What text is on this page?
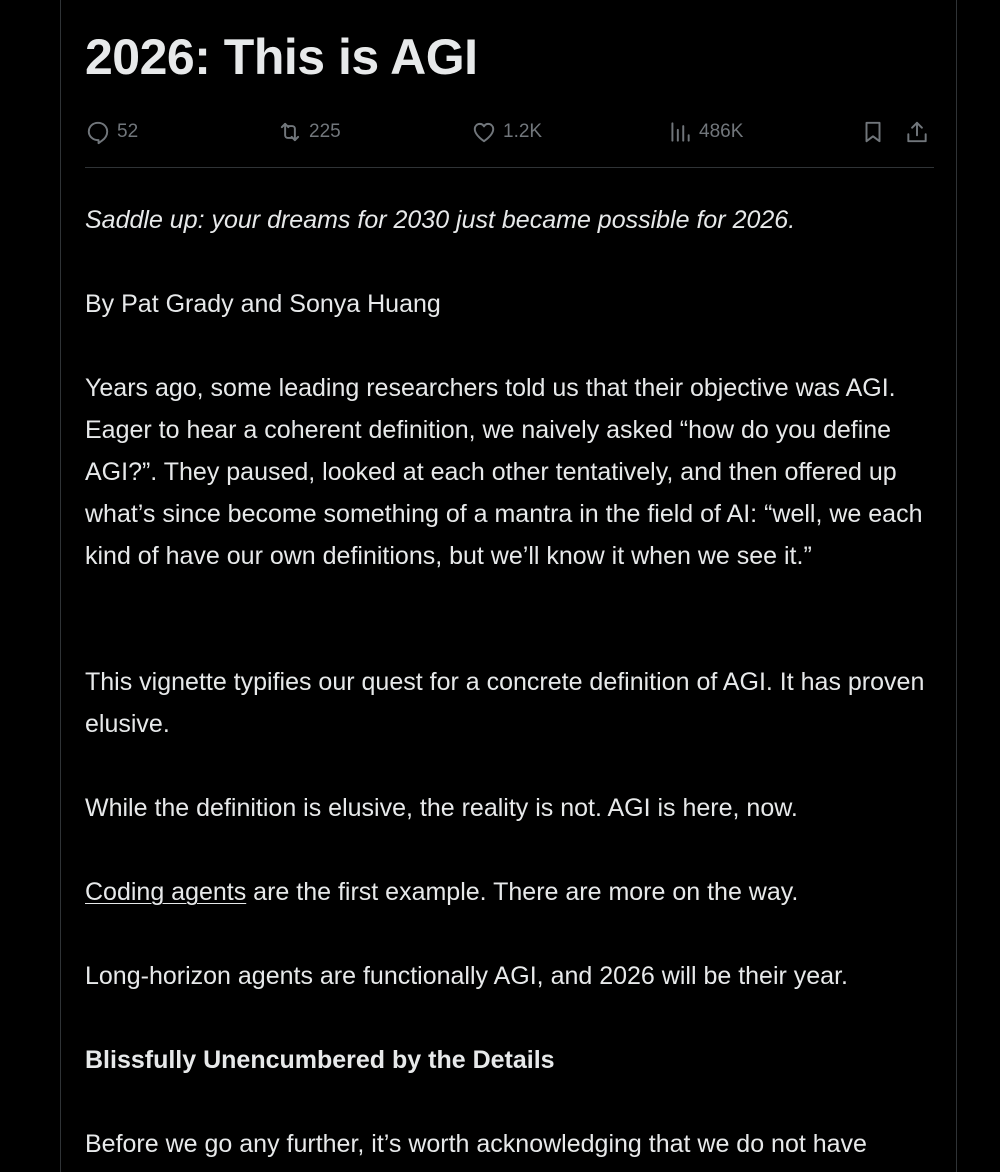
2026: This is AGI
52	225	1.2K	486K

Saddle up: your dreams for 2030 just became possible for 2026.

By Pat Grady and Sonya Huang

Years ago, some leading researchers told us that their objective was AGI. Eager to hear a coherent definition, we naively asked “how do you define AGI?”. They paused, looked at each other tentatively, and then offered up what’s since become something of a mantra in the field of AI: “well, we each kind of have our own definitions, but we’ll know it when we see it.”

This vignette typifies our quest for a concrete definition of AGI. It has proven elusive.

While the definition is elusive, the reality is not. AGI is here, now.

Coding agents are the first example. There are more on the way.

Long-horizon agents are functionally AGI, and 2026 will be their year.

Blissfully Unencumbered by the Details

Before we go any further, it’s worth acknowledging that we do not have
